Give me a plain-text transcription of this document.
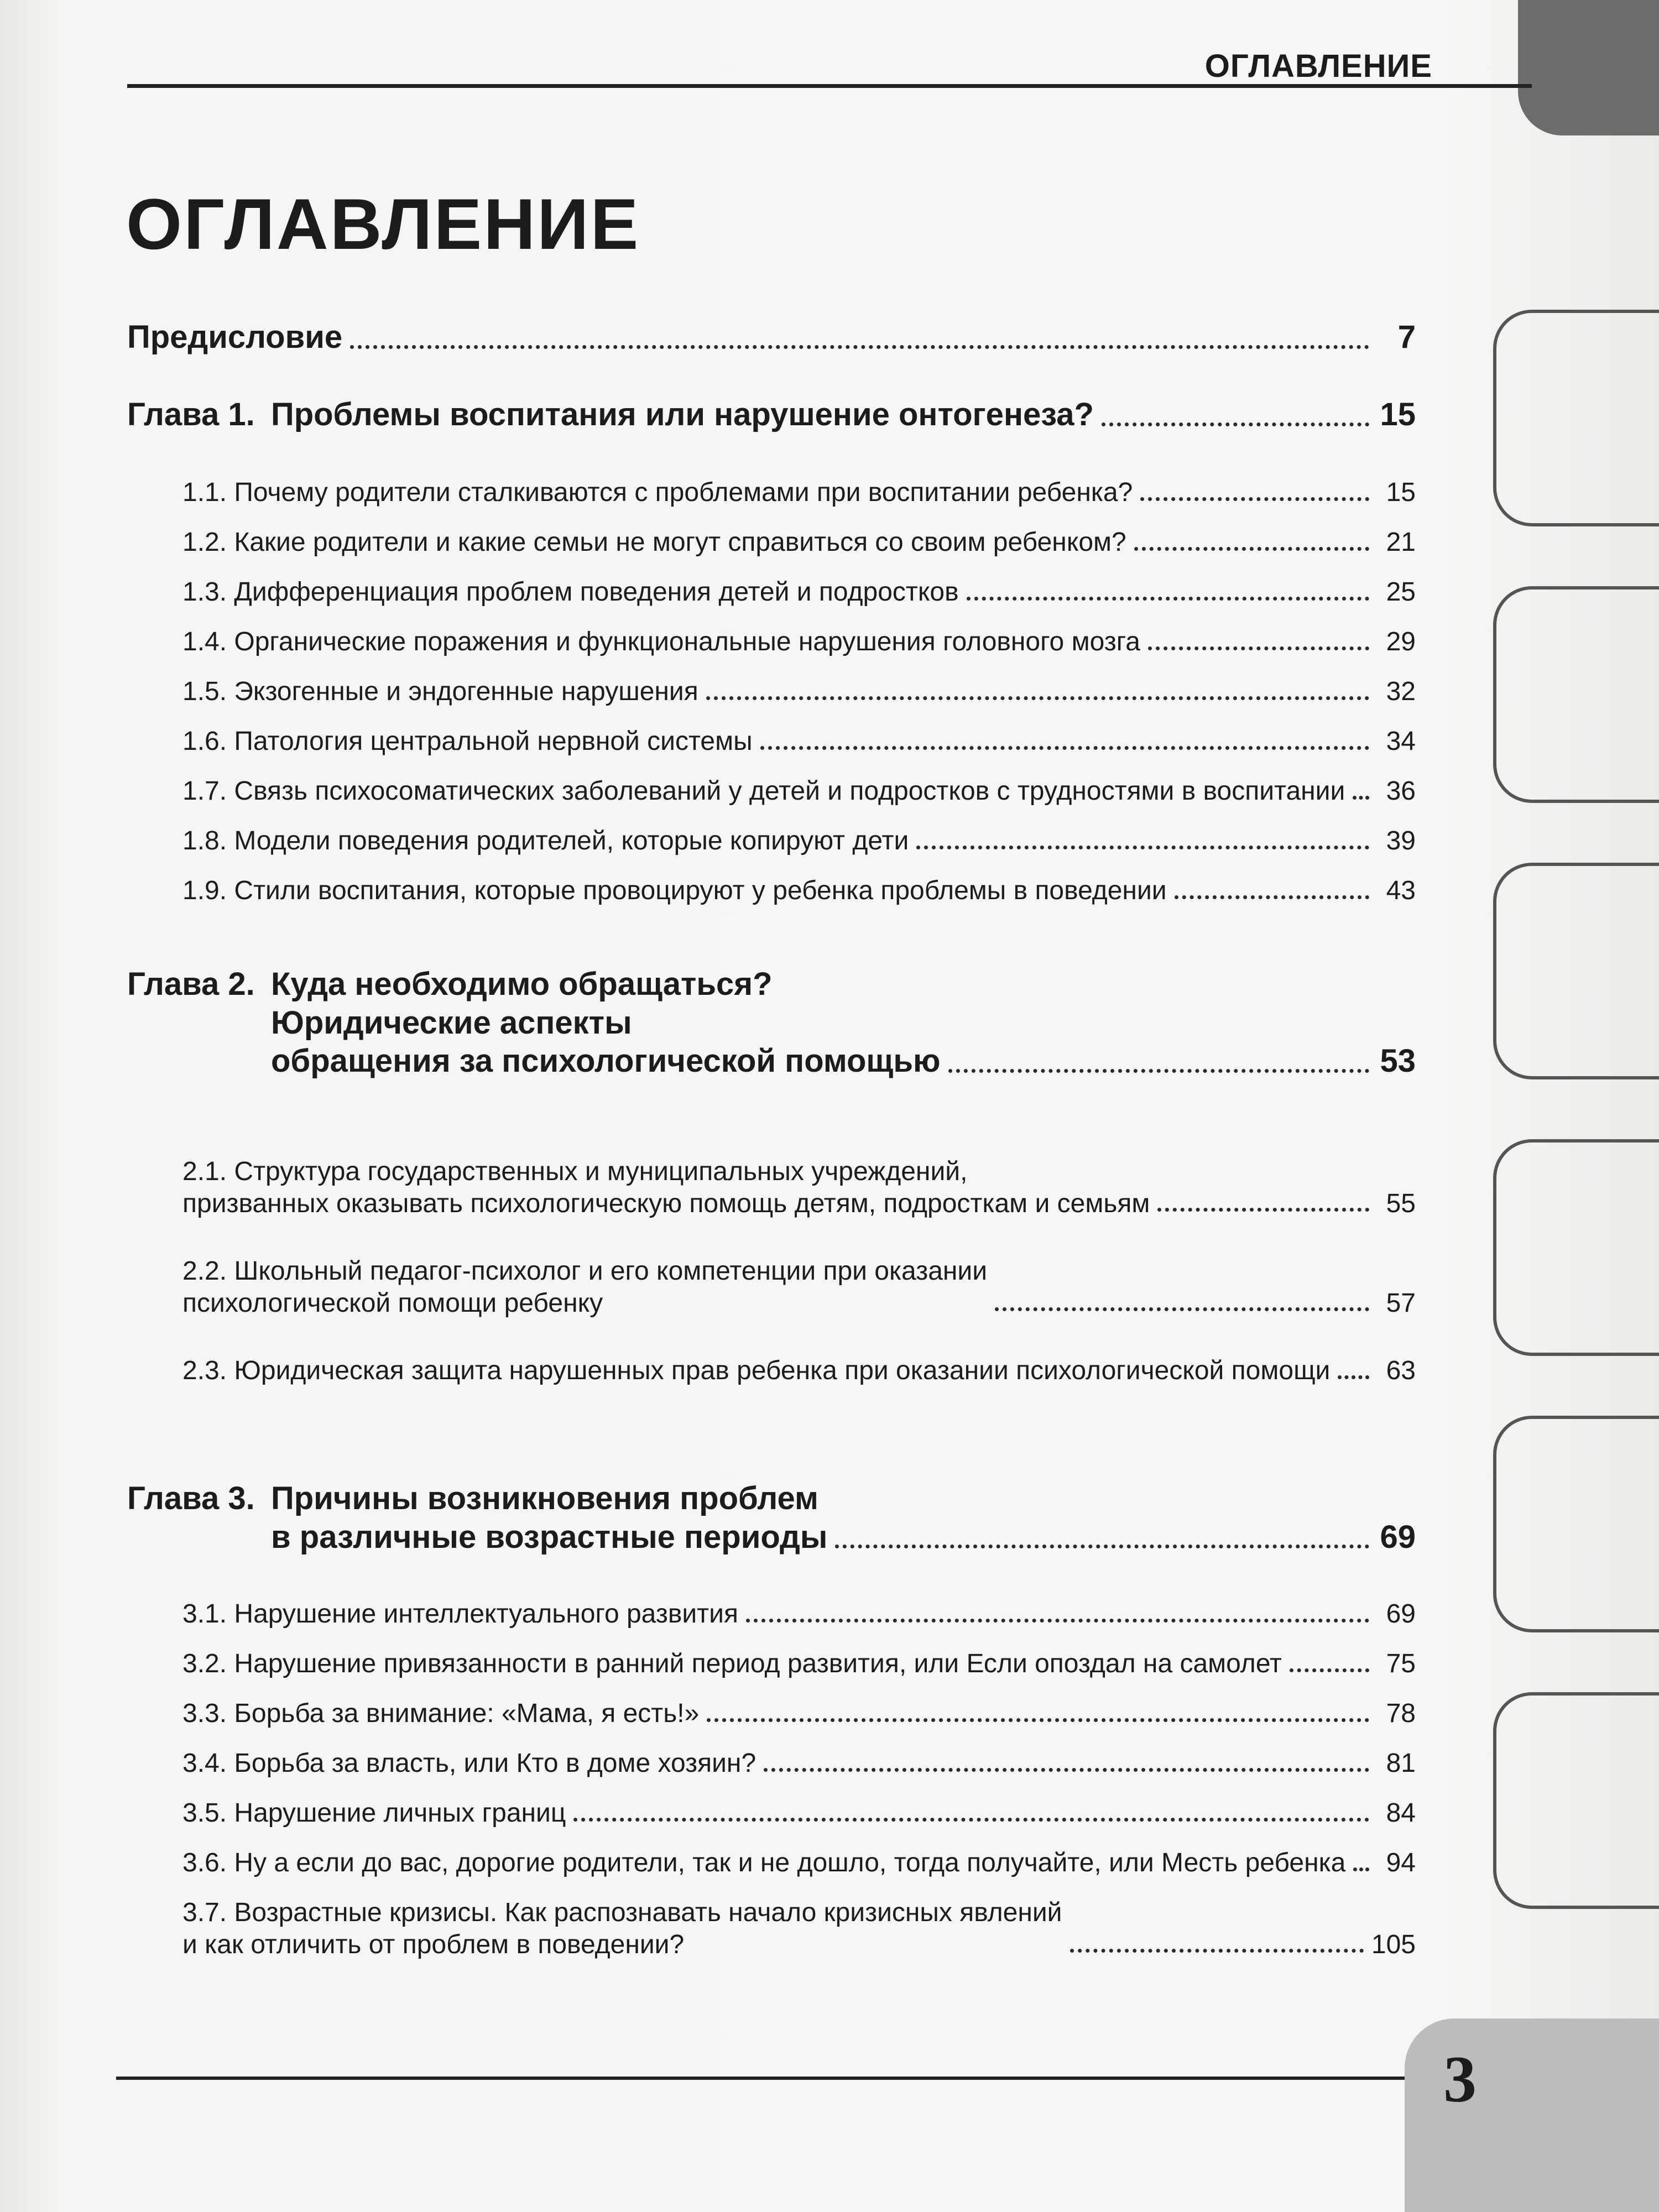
ОГЛАВЛЕНИЕ
ОГЛАВЛЕНИЕ
Предисловие	7
Глава 1. Проблемы воспитания или нарушение онтогенеза?	15
1.1. Почему родители сталкиваются с проблемами при воспитании ребенка?	15
1.2. Какие родители и какие семьи не могут справиться со своим ребенком?	21
1.3. Дифференциация проблем поведения детей и подростков	25
1.4. Органические поражения и функциональные нарушения головного мозга	29
1.5. Экзогенные и эндогенные нарушения	32
1.6. Патология центральной нервной системы	34
1.7. Связь психосоматических заболеваний у детей и подростков с трудностями в воспитании	36
1.8. Модели поведения родителей, которые копируют дети	39
1.9. Стили воспитания, которые провоцируют у ребенка проблемы в поведении	43
Глава 2. Куда необходимо обращаться?
Юридические аспекты
обращения за психологической помощью	53
2.1. Структура государственных и муниципальных учреждений,
призванных оказывать психологическую помощь детям, подросткам и семьям	55
2.2. Школьный педагог-психолог и его компетенции при оказании
психологической помощи ребенку	57
2.3. Юридическая защита нарушенных прав ребенка при оказании психологической помощи	63
Глава 3. Причины возникновения проблем
в различные возрастные периоды	69
3.1. Нарушение интеллектуального развития	69
3.2. Нарушение привязанности в ранний период развития, или Если опоздал на самолет	75
3.3. Борьба за внимание: «Мама, я есть!»	78
3.4. Борьба за власть, или Кто в доме хозяин?	81
3.5. Нарушение личных границ	84
3.6. Ну а если до вас, дорогие родители, так и не дошло, тогда получайте, или Месть ребенка	94
3.7. Возрастные кризисы. Как распознавать начало кризисных явлений
и как отличить от проблем в поведении?	105
3
